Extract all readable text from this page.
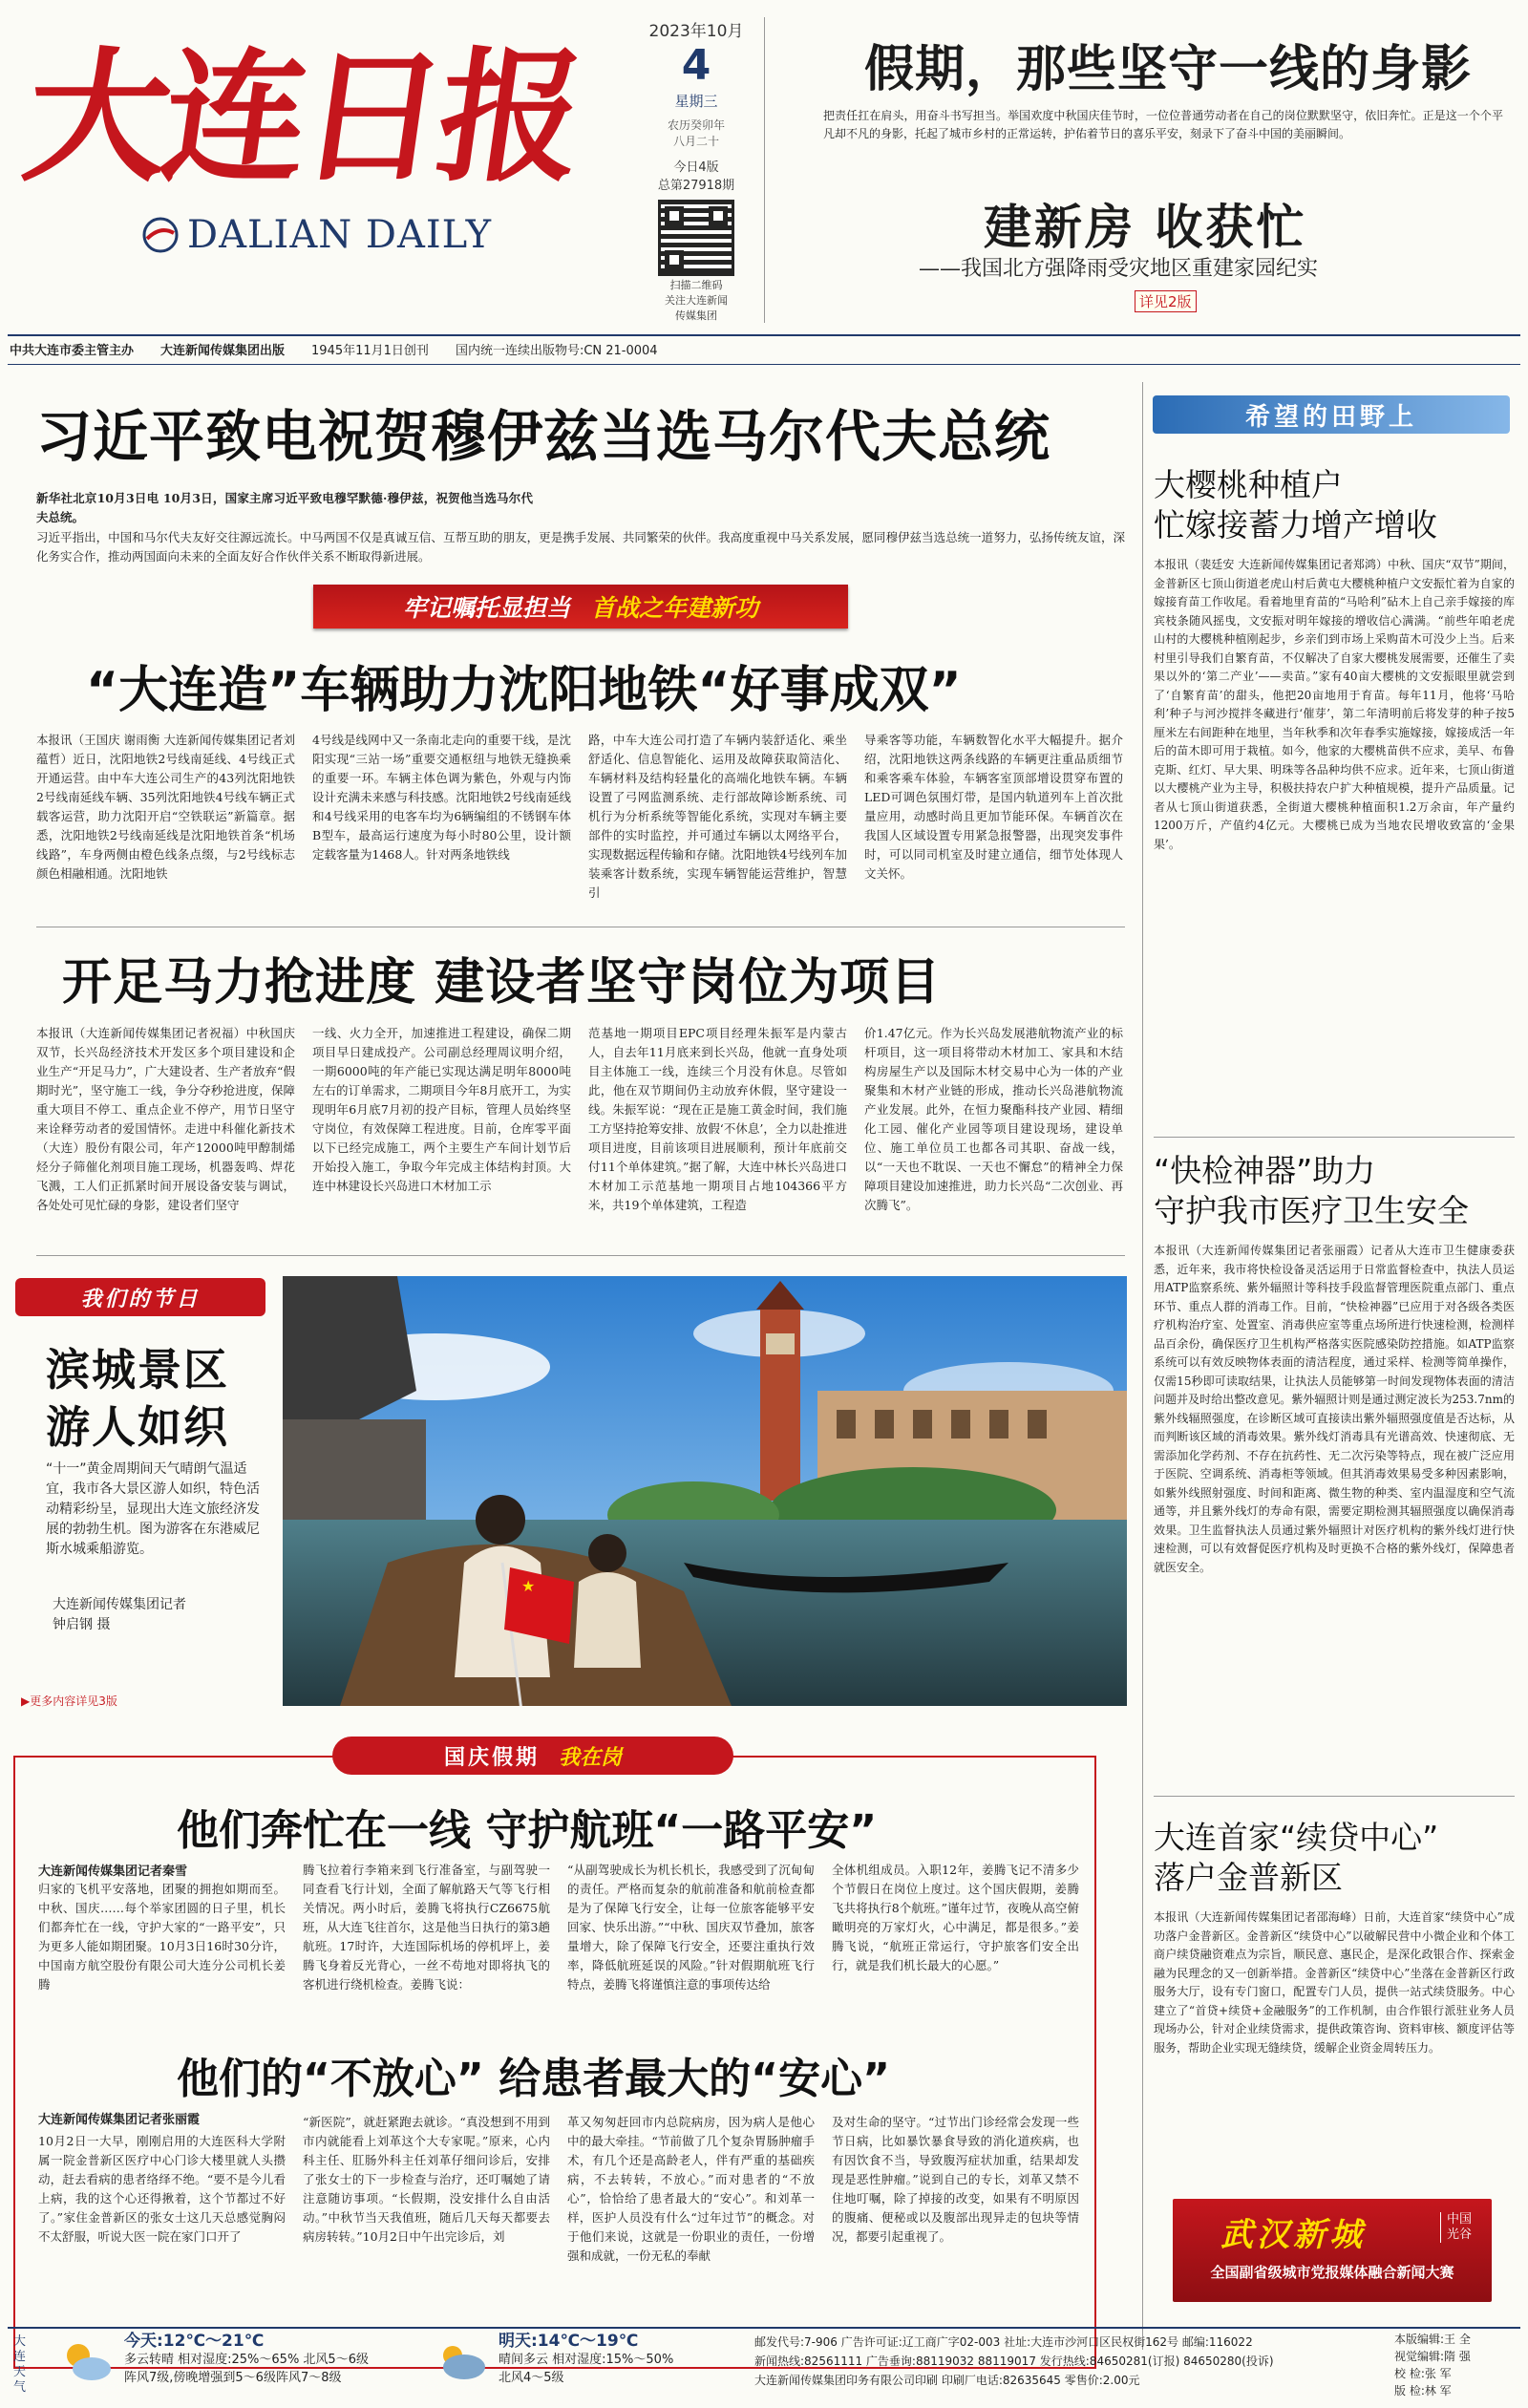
大连日报
DALIAN DAILY
2023年10月
4
星期三
农历癸卯年
八月二十
今日4版
总第27918期
扫描二维码
关注大连新闻
传媒集团
假期，那些坚守一线的身影

把责任扛在肩头，用奋斗书写担当。举国欢度中秋国庆佳节时，一位位普通劳动者在自己的岗位默默坚守，依旧奔忙。正是这一个个平凡却不凡的身影，托起了城市乡村的正常运转，护佑着节日的喜乐平安，刻录下了奋斗中国的美丽瞬间。

建新房 收获忙
——我国北方强降雨受灾地区重建家园纪实
详见2版
中共大连市委主管主办 大连新闻传媒集团出版 1945年11月1日创刊 国内统一连续出版物号:CN 21-0004
习近平致电祝贺穆伊兹当选马尔代夫总统

新华社北京10月3日电 10月3日，国家主席习近平致电穆罕默德·穆伊兹，祝贺他当选马尔代夫总统。

习近平指出，中国和马尔代夫友好交往源远流长。中马两国不仅是真诚互信、互帮互助的朋友，更是携手发展、共同繁荣的伙伴。我高度重视中马关系发展，愿同穆伊兹当选总统一道努力，弘扬传统友谊，深化务实合作，推动两国面向未来的全面友好合作伙伴关系不断取得新进展。

牢记嘱托显担当 首战之年建新功
“大连造”车辆助力沈阳地铁“好事成双”

本报讯（王国庆 谢雨衡 大连新闻传媒集团记者刘蕴哲）近日，沈阳地铁2号线南延线、4号线正式开通运营。由中车大连公司生产的43列沈阳地铁2号线南延线车辆、35列沈阳地铁4号线车辆正式载客运营，助力沈阳开启“空铁联运”新篇章。据悉，沈阳地铁2号线南延线是沈阳地铁首条“机场线路”，车身两侧由橙色线条点缀，与2号线标志颜色相融相通。沈阳地铁

4号线是线网中又一条南北走向的重要干线，是沈阳实现“三站一场”重要交通枢纽与地铁无缝换乘的重要一环。车辆主体色调为紫色，外观与内饰设计充满未来感与科技感。沈阳地铁2号线南延线和4号线采用的电客车均为6辆编组的不锈钢车体B型车，最高运行速度为每小时80公里，设计额定载客量为1468人。针对两条地铁线

路，中车大连公司打造了车辆内装舒适化、乘坐舒适化、信息智能化、运用及故障获取简洁化、车辆材料及结构轻量化的高端化地铁车辆。车辆设置了弓网监测系统、走行部故障诊断系统、司机行为分析系统等智能化系统，实现对车辆主要部件的实时监控，并可通过车辆以太网络平台，实现数据远程传输和存储。沈阳地铁4号线列车加装乘客计数系统，实现车辆智能运营维护，智慧引

导乘客等功能，车辆数智化水平大幅提升。据介绍，沈阳地铁这两条线路的车辆更注重品质细节和乘客乘车体验，车辆客室顶部增设贯穿布置的LED可调色氛围灯带，是国内轨道列车上首次批量应用，动感时尚且更加节能环保。车辆首次在我国人区域设置专用紧急报警器，出现突发事件时，可以同司机室及时建立通信，细节处体现人文关怀。

开足马力抢进度 建设者坚守岗位为项目

本报讯（大连新闻传媒集团记者祝福）中秋国庆双节，长兴岛经济技术开发区多个项目建设和企业生产“开足马力”，广大建设者、生产者放弃“假期时光”，坚守施工一线，争分夺秒抢进度，保障重大项目不停工、重点企业不停产，用节日坚守来诠释劳动者的爱国情怀。走进中科催化新技术（大连）股份有限公司，年产12000吨甲醇制烯烃分子筛催化剂项目施工现场，机器轰鸣、焊花飞溅，工人们正抓紧时间开展设备安装与调试，各处处可见忙碌的身影，建设者们坚守

一线、火力全开，加速推进工程建设，确保二期项目早日建成投产。公司副总经理周议明介绍，一期6000吨的年产能已实现达满足明年8000吨左右的订单需求，二期项目今年8月底开工，为实现明年6月底7月初的投产目标，管理人员始终坚守岗位，有效保障工程进度。目前，仓库零平面以下已经完成施工，两个主要生产车间计划节后开始投入施工，争取今年完成主体结构封顶。大连中林建设长兴岛进口木材加工示

范基地一期项目EPC项目经理朱振军是内蒙古人，自去年11月底来到长兴岛，他就一直身处项目主体施工一线，连续三个月没有休息。尽管如此，他在双节期间仍主动放弃休假，坚守建设一线。朱振军说：“现在正是施工黄金时间，我们施工方坚持抢筹安排、放假‘不休息’，全力以赴推进项目进度，目前该项目进展顺利，预计年底前交付11个单体建筑。”据了解，大连中林长兴岛进口木材加工示范基地一期项目占地104366平方米，共19个单体建筑，工程造

价1.47亿元。作为长兴岛发展港航物流产业的标杆项目，这一项目将带动木材加工、家具和木结构房屋生产以及国际木材交易中心为一体的产业聚集和木材产业链的形成，推动长兴岛港航物流产业发展。此外，在恒力聚酯科技产业园、精细化工园、催化产业园等项目建设现场，建设单位、施工单位员工也都各司其职、奋战一线，以“一天也不耽误、一天也不懈怠”的精神全力保障项目建设加速推进，助力长兴岛“二次创业、再次腾飞”。

我们的节日
滨城景区
游人如织

“十一”黄金周期间天气晴朗气温适宜，我市各大景区游人如织，特色活动精彩纷呈，显现出大连文旅经济发展的勃勃生机。图为游客在东港威尼斯水城乘船游览。

大连新闻传媒集团记者
钟启钢 摄
▶更多内容详见3版
★
国庆假期 我在岗
他们奔忙在一线 守护航班“一路平安”
大连新闻传媒集团记者秦雪

归家的飞机平安落地，团聚的拥抱如期而至。中秋、国庆……每个举家团圆的日子里，机长们都奔忙在一线，守护大家的“一路平安”，只为更多人能如期团聚。10月3日16时30分许，中国南方航空股份有限公司大连分公司机长姜腾

腾飞拉着行李箱来到飞行准备室，与副驾驶一同查看飞行计划，全面了解航路天气等飞行相关情况。两小时后，姜腾飞将执行CZ6675航班，从大连飞往首尔，这是他当日执行的第3趟航班。17时许，大连国际机场的停机坪上，姜腾飞身着反光背心，一丝不苟地对即将执飞的客机进行绕机检查。姜腾飞说：

“从副驾驶成长为机长机长，我感受到了沉甸甸的责任。严格而复杂的航前准备和航前检查都是为了保障飞行安全，让每一位旅客能够平安回家、快乐出游。”“中秋、国庆双节叠加，旅客量增大，除了保障飞行安全，还要注重执行效率，降低航班延误的风险。”针对假期航班飞行特点，姜腾飞将谨慎注意的事项传达给

全体机组成员。入职12年，姜腾飞记不清多少个节假日在岗位上度过。这个国庆假期，姜腾飞共将执行8个航班。”谨年过节，夜晚从高空俯瞰明亮的万家灯火，心中满足，都是很多。”姜腾飞说，“航班正常运行，守护旅客们安全出行，就是我们机长最大的心愿。”

他们的“不放心” 给患者最大的“安心”
大连新闻传媒集团记者张丽霞

10月2日一大早，刚刚启用的大连医科大学附属一院金普新区医疗中心门诊大楼里就人头攒动，赶去看病的患者络绎不绝。“要不是今儿看上病，我的这个心还得揪着，这个节都过不好了。”家住金普新区的张女士这几天总感觉胸闷不太舒服，听说大医一院在家门口开了

“新医院”，就赶紧跑去就诊。“真没想到不用到市内就能看上刘革这个大专家呢。”原来，心内科主任、肛肠外科主任刘革仔细问诊后，安排了张女士的下一步检查与治疗，还叮嘱她了请注意随访事项。“长假期，没安排什么自由活动。”中秋节当天我值班，随后几天每天都要去病房转转。”10月2日中午出完诊后，刘

革又匆匆赶回市内总院病房，因为病人是他心中的最大牵挂。“节前做了几个复杂胃肠肿瘤手术，有几个还是高龄老人，伴有严重的基础疾病，不去转转，不放心。”而对患者的“不放心”，恰恰给了患者最大的“安心”。和刘革一样，医护人员没有什么“过年过节”的概念。对于他们来说，这就是一份职业的责任，一份增强和成就，一份无私的奉献

及对生命的坚守。“过节出门诊经常会发现一些节日病，比如暴饮暴食导致的消化道疾病，也有因饮食不当，导致腹泻症状加重，结果却发现是恶性肿瘤。”说到自己的专长，刘革又禁不住地叮嘱，除了掉接的改变，如果有不明原因的腹痛、便秘或以及腹部出现异走的包块等情况，都要引起重视了。

希望的田野上
大樱桃种植户
忙嫁接蓄力增产增收

本报讯（裴廷安 大连新闻传媒集团记者郑鸿）中秋、国庆“双节”期间，金普新区七顶山街道老虎山村后黄屯大樱桃种植户文安振忙着为自家的嫁接育苗工作收尾。看着地里育苗的“马哈利”砧木上自己亲手嫁接的库宾枝条随风摇曳，文安振对明年嫁接的增收信心满满。“前些年咱老虎山村的大樱桃种植刚起步，乡亲们到市场上采购苗木可没少上当。后来村里引导我们自繁育苗，不仅解决了自家大樱桃发展需要，还催生了卖果以外的‘第二产业’——卖苗。”家有40亩大樱桃的文安振眼里就尝到了‘自繁育苗’的甜头，他把20亩地用于育苗。每年11月，他将‘马哈利’种子与河沙搅拌冬藏进行‘催芽’，第二年清明前后将发芽的种子按5厘米左右间距种在地里，当年秋季和次年春季实施嫁接，嫁接成活一年后的苗木即可用于栽植。如今，他家的大樱桃苗供不应求，美早、布鲁克斯、红灯、早大果、明珠等各品种均供不应求。近年来，七顶山街道以大樱桃产业为主导，积极扶持农户扩大种植规模，提升产品质量。记者从七顶山街道获悉，全街道大樱桃种植面积1.2万余亩，年产量约1200万斤，产值约4亿元。大樱桃已成为当地农民增收致富的‘金果果’。

“快检神器”助力
守护我市医疗卫生安全

本报讯（大连新闻传媒集团记者张丽霞）记者从大连市卫生健康委获悉，近年来，我市将快检设备灵活运用于日常监督检查中，执法人员运用ATP监察系统、紫外辐照计等科技手段监督管理医院重点部门、重点环节、重点人群的消毒工作。目前，“快检神器”已应用于对各级各类医疗机构治疗室、处置室、消毒供应室等重点场所进行快速检测，检测样品百余份，确保医疗卫生机构严格落实医院感染防控措施。如ATP监察系统可以有效反映物体表面的清洁程度，通过采样、检测等简单操作，仅需15秒即可读取结果，让执法人员能够第一时间发现物体表面的清洁问题并及时给出整改意见。紫外辐照计则是通过测定波长为253.7nm的紫外线辐照强度，在诊断区域可直接读出紫外辐照强度值是否达标，从而判断该区域的消毒效果。紫外线灯消毒具有光谱高效、快速彻底、无需添加化学药剂、不存在抗药性、无二次污染等特点，现在被广泛应用于医院、空调系统、消毒柜等领域。但其消毒效果易受多种因素影响，如紫外线照射强度、时间和距离、微生物的种类、室内温湿度和空气流通等，并且紫外线灯的寿命有限，需要定期检测其辐照强度以确保消毒效果。卫生监督执法人员通过紫外辐照计对医疗机构的紫外线灯进行快速检测，可以有效督促医疗机构及时更换不合格的紫外线灯，保障患者就医安全。

大连首家“续贷中心”
落户金普新区

本报讯（大连新闻传媒集团记者邵海峰）日前，大连首家“续贷中心”成功落户金普新区。金普新区“续贷中心”以破解民营中小微企业和个体工商户续贷融资难点为宗旨，顺民意、惠民企，是深化政银合作、探索金融为民理念的又一创新举措。金普新区“续贷中心”坐落在金普新区行政服务大厅，设有专门窗口，配置专门人员，提供一站式续贷服务。中心建立了“首贷+续贷+金融服务”的工作机制，由合作银行派驻业务人员现场办公，针对企业续贷需求，提供政策咨询、资料审核、额度评估等服务，帮助企业实现无缝续贷，缓解企业资金周转压力。

武汉新城	中国
光谷
全国副省级城市党报媒体融合新闻大赛
大连
天气
今天:12℃～21℃
多云转晴 相对湿度:25%～65% 北风5～6级
阵风7级,傍晚增强到5～6级阵风7～8级
明天:14℃～19℃
晴间多云 相对湿度:15%～50%
北风4～5级
邮发代号:7-906 广告许可证:辽工商广字02-003 社址:大连市沙河口区民权街162号 邮编:116022
新闻热线:82561111 广告垂询:88119032 88119017 发行热线:84650281(订报) 84650280(投诉)
大连新闻传媒集团印务有限公司印刷 印刷厂电话:82635645 零售价:2.00元
本版编辑:王 全
视觉编辑:隋 强
校 检:张 军
版 检:林 军
